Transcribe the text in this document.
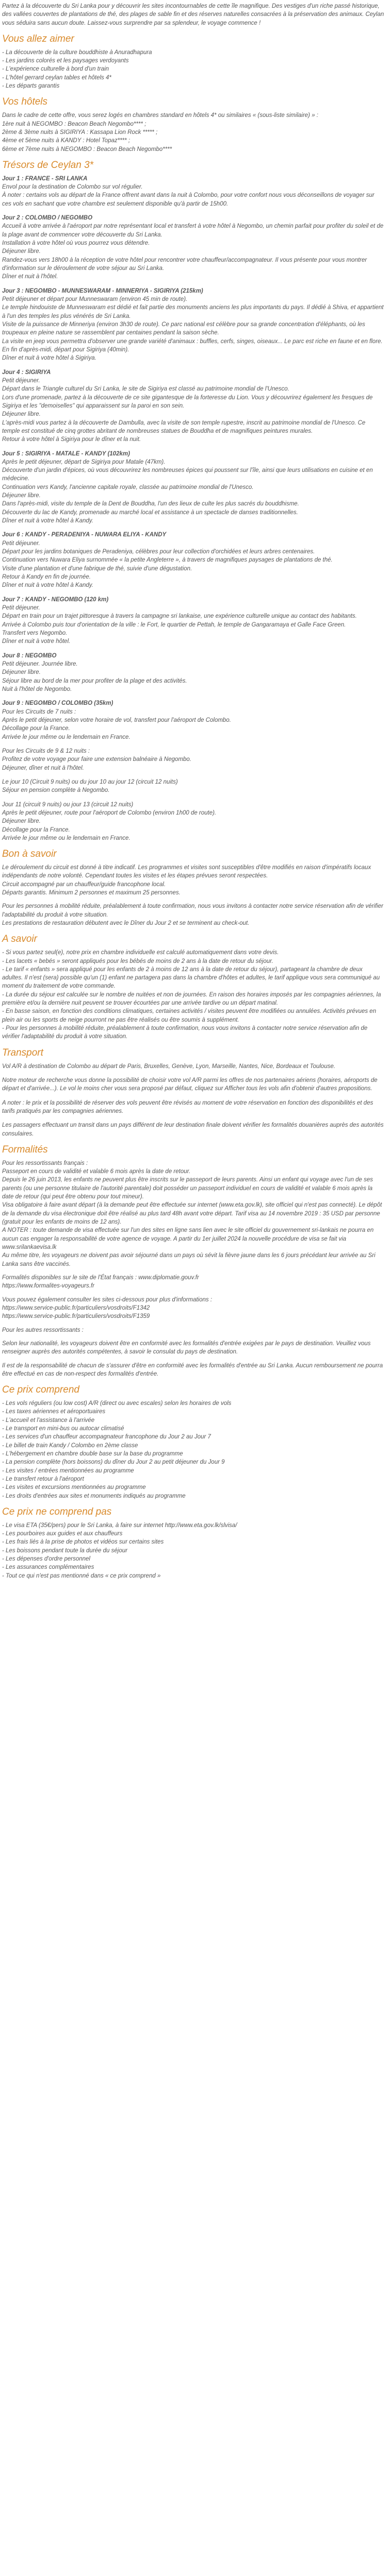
Partez à la découverte du Sri Lanka pour y découvrir les sites incontournables de cette île magnifique. Des vestiges d'un riche passé historique, des vallées couvertes de plantations de thé, des plages de sable fin et des réserves naturelles consacrées à la préservation des animaux. Ceylan vous séduira sans aucun doute. Laissez-vous surprendre par sa splendeur, le voyage commence !

Vous allez aimer

- La découverte de la culture bouddhiste à Anuradhapura

- Les jardins colorés et les paysages verdoyants

- L'expérience culturelle à bord d'un train

- L'hôtel gerrard ceylan tables et hôtels 4*

- Les départs garantis

Vos hôtels

Dans le cadre de cette offre, vous serez logés en chambres standard en hôtels 4* ou similaires « (sous-liste similaire) » :

1ère nuit à NEGOMBO : Beacon Beach Negombo**** ;

2ème & 3ème nuits à SIGIRIYA : Kassapa Lion Rock ***** ;

4ème et 5ème nuits à KANDY : Hotel Topaz**** ;

6ème et 7ème nuits à NEGOMBO : Beacon Beach Negombo****

Trésors de Ceylan 3*

Jour 1 : FRANCE - SRI LANKA

Envol pour la destination de Colombo sur vol régulier.

À noter : certains vols au départ de la France offrent avant dans la nuit à Colombo, pour votre confort nous vous déconseillons de voyager sur ces vols en sachant que votre chambre est seulement disponible qu'à partir de 15h00.

Jour 2 : COLOMBO / NEGOMBO

Accueil à votre arrivée à l'aéroport par notre représentant local et transfert à votre hôtel à Negombo, un chemin parfait pour profiter du soleil et de la plage avant de commencer votre découverte du Sri Lanka.

Installation à votre hôtel où vous pourrez vous détendre.

Déjeuner libre.

Randez-vous vers 18h00 à la réception de votre hôtel pour rencontrer votre chauffeur/accompagnateur. Il vous présente pour vous montrer d'information sur le déroulement de votre séjour au Sri Lanka.

Dîner et nuit à l'hôtel.

Jour 3 : NEGOMBO - MUNNESWARAM - MINNERIYA - SIGIRIYA (215km)

Petit déjeuner et départ pour Munneswaram (environ 45 min de route).

Le temple hindouiste de Munneswaram est dédié et fait partie des monuments anciens les plus importants du pays. Il dédié à Shiva, et appartient à l'un des temples les plus vénérés de Sri Lanka.

Visite de la puissance de Minneriya (environ 3h30 de route). Ce parc national est célèbre pour sa grande concentration d'éléphants, où les troupeaux en pleine nature se rassemblent par centaines pendant la saison sèche.

La visite en jeep vous permettra d'observer une grande variété d'animaux : buffles, cerfs, singes, oiseaux... Le parc est riche en faune et en flore.

En fin d'après-midi, départ pour Sigiriya (40min).

Dîner et nuit à votre hôtel à Sigiriya.

Jour 4 : SIGIRIYA

Petit déjeuner.

Départ dans le Triangle culturel du Sri Lanka, le site de Sigiriya est classé au patrimoine mondial de l'Unesco.

Lors d'une promenade, partez à la découverte de ce site gigantesque de la forteresse du Lion. Vous y découvrirez également les fresques de Sigiriya et les "demoiselles" qui apparaissent sur la paroi en son sein.

Déjeuner libre.

L'après-midi vous partez à la découverte de Dambulla, avec la visite de son temple rupestre, inscrit au patrimoine mondial de l'Unesco. Ce temple est constitué de cinq grottes abritant de nombreuses statues de Bouddha et de magnifiques peintures murales.

Retour à votre hôtel à Sigiriya pour le dîner et la nuit.

Jour 5 : SIGIRIYA - MATALE - KANDY (102km)

Après le petit déjeuner, départ de Sigiriya pour Matale (47km).

Découverte d'un jardin d'épices, où vous découvrirez les nombreuses épices qui poussent sur l'île, ainsi que leurs utilisations en cuisine et en médecine.

Continuation vers Kandy, l'ancienne capitale royale, classée au patrimoine mondial de l'Unesco.

Déjeuner libre.

Dans l'après-midi, visite du temple de la Dent de Bouddha, l'un des lieux de culte les plus sacrés du bouddhisme.

Découverte du lac de Kandy, promenade au marché local et assistance à un spectacle de danses traditionnelles.

Dîner et nuit à votre hôtel à Kandy.

Jour 6 : KANDY - PERADENIYA - NUWARA ELIYA - KANDY

Petit déjeuner.

Départ pour les jardins botaniques de Peradeniya, célèbres pour leur collection d'orchidées et leurs arbres centenaires.

Continuation vers Nuwara Eliya surnommée « la petite Angleterre », à travers de magnifiques paysages de plantations de thé.

Visite d'une plantation et d'une fabrique de thé, suivie d'une dégustation.

Retour à Kandy en fin de journée.

Dîner et nuit à votre hôtel à Kandy.

Jour 7 : KANDY - NEGOMBO (120 km)

Petit déjeuner.

Départ en train pour un trajet pittoresque à travers la campagne sri lankaise, une expérience culturelle unique au contact des habitants.

Arrivée à Colombo puis tour d'orientation de la ville : le Fort, le quartier de Pettah, le temple de Gangaramaya et Galle Face Green.

Transfert vers Negombo.

Dîner et nuit à votre hôtel.

Jour 8 : NEGOMBO

Petit déjeuner. Journée libre.

Déjeuner libre.

Séjour libre au bord de la mer pour profiter de la plage et des activités.

Nuit à l'hôtel de Negombo.

Jour 9 : NEGOMBO / COLOMBO (35km)

Pour les Circuits de 7 nuits :

Après le petit déjeuner, selon votre horaire de vol, transfert pour l'aéroport de Colombo.

Décollage pour la France.

Arrivée le jour même ou le lendemain en France.

Pour les Circuits de 9 & 12 nuits :

Profitez de votre voyage pour faire une extension balnéaire à Negombo.

Déjeuner, dîner et nuit à l'hôtel.

Le jour 10 (Circuit 9 nuits) ou du jour 10 au jour 12 (circuit 12 nuits)

Séjour en pension complète à Negombo.

Jour 11 (circuit 9 nuits) ou jour 13 (circuit 12 nuits)

Après le petit déjeuner, route pour l'aéroport de Colombo (environ 1h00 de route).

Déjeuner libre.

Décollage pour la France.

Arrivée le jour même ou le lendemain en France.

Bon à savoir

Le déroulement du circuit est donné à titre indicatif. Les programmes et visites sont susceptibles d'être modifiés en raison d'impératifs locaux indépendants de notre volonté. Cependant toutes les visites et les étapes prévues seront respectées.

Circuit accompagné par un chauffeur/guide francophone local.

Départs garantis. Minimum 2 personnes et maximum 25 personnes.

Pour les personnes à mobilité réduite, préalablement à toute confirmation, nous vous invitons à contacter notre service réservation afin de vérifier l'adaptabilité du produit à votre situation.

Les prestations de restauration débutent avec le Dîner du Jour 2 et se terminent au check-out.

A savoir

- Si vous partez seul(e), notre prix en chambre individuelle est calculé automatiquement dans votre devis.

- Les lacets « bebés » seront appliqués pour les bébés de moins de 2 ans à la date de retour du séjour.

- Le tarif « enfants » sera appliqué pour les enfants de 2 à moins de 12 ans à la date de retour du séjour), partageant la chambre de deux adultes. Il n'est (sera) possible qu'un (1) enfant ne partagera pas dans la chambre d'hôtes et adultes, le tarif applique vous sera communiqué au moment du traitement de votre commande.

- La durée du séjour est calculée sur le nombre de nuitées et non de journées. En raison des horaires imposés par les compagnies aériennes, la première et/ou la dernière nuit peuvent se trouver écourtées par une arrivée tardive ou un départ matinal.

- En basse saison, en fonction des conditions climatiques, certaines activités / visites peuvent être modifiées ou annulées. Activités prévues en plein air ou les sports de neige pourront ne pas être réalisés ou être soumis à supplément.

- Pour les personnes à mobilité réduite, préalablement à toute confirmation, nous vous invitons à contacter notre service réservation afin de vérifier l'adaptabilité du produit à votre situation.

Transport

Vol A/R à destination de Colombo au départ de Paris, Bruxelles, Genève, Lyon, Marseille, Nantes, Nice, Bordeaux et Toulouse.

Notre moteur de recherche vous donne la possibilité de choisir votre vol A/R parmi les offres de nos partenaires aériens (horaires, aéroports de départ et d'arrivée...). Le vol le moins cher vous sera proposé par défaut, cliquez sur Afficher tous les vols afin d'obtenir d'autres propositions.

A noter : le prix et la possibilité de réserver des vols peuvent être révisés au moment de votre réservation en fonction des disponibilités et des tarifs pratiqués par les compagnies aériennes.

Les passagers effectuant un transit dans un pays différent de leur destination finale doivent vérifier les formalités douanières auprès des autorités consulaires.

Formalités

Pour les ressortissants français :

Passeport en cours de validité et valable 6 mois après la date de retour.

Depuis le 26 juin 2013, les enfants ne peuvent plus être inscrits sur le passeport de leurs parents. Ainsi un enfant qui voyage avec l'un de ses parents (ou une personne titulaire de l'autorité parentale) doit posséder un passeport individuel en cours de validité et valable 6 mois après la date de retour (qui peut être obtenu pour tout mineur).

Visa obligatoire à faire avant départ (à la demande peut être effectuée sur internet (www.eta.gov.lk), site officiel qui n'est pas connecté). Le dépôt de la demande du visa électronique doit être réalisé au plus tard 48h avant votre départ. Tarif visa au 14 novembre 2019 : 35 USD par personne (gratuit pour les enfants de moins de 12 ans).

A NOTER : toute demande de visa effectuée sur l'un des sites en ligne sans lien avec le site officiel du gouvernement sri-lankais ne pourra en aucun cas engager la responsabilité de votre agence de voyage. A partir du 1er juillet 2024 la nouvelle procédure de visa se fait via www.srilankaevisa.lk

Au même titre, les voyageurs ne doivent pas avoir séjourné dans un pays où sévit la fièvre jaune dans les 6 jours précédant leur arrivée au Sri Lanka sans être vaccinés.

Formalités disponibles sur le site de l'État français : www.diplomatie.gouv.fr

https://www.formalites-voyageurs.fr

Vous pouvez également consulter les sites ci-dessous pour plus d'informations :

https://www.service-public.fr/particuliers/vosdroits/F1342

https://www.service-public.fr/particuliers/vosdroits/F1359

Pour les autres ressortissants :

Selon leur nationalité, les voyageurs doivent être en conformité avec les formalités d'entrée exigées par le pays de destination. Veuillez vous renseigner auprès des autorités compétentes, à savoir le consulat du pays de destination.

Il est de la responsabilité de chacun de s'assurer d'être en conformité avec les formalités d'entrée au Sri Lanka. Aucun remboursement ne pourra être effectué en cas de non-respect des formalités d'entrée.

Ce prix comprend

- Les vols réguliers (ou low cost) A/R (direct ou avec escales) selon les horaires de vols

- Les taxes aériennes et aéroportuaires

- L'accueil et l'assistance à l'arrivée

- Le transport en mini-bus ou autocar climatisé

- Les services d'un chauffeur accompagnateur francophone du Jour 2 au Jour 7

- Le billet de train Kandy / Colombo en 2ème classe

- L'hébergement en chambre double base sur la base du programme

- La pension complète (hors boissons) du dîner du Jour 2 au petit déjeuner du Jour 9

- Les visites / entrées mentionnées au programme

- Le transfert retour à l'aéroport

- Les visites et excursions mentionnées au programme

- Les droits d'entrées aux sites et monuments indiqués au programme

Ce prix ne comprend pas

- Le visa ETA (35€/pers) pour le Sri Lanka, à faire sur internet http://www.eta.gov.lk/slvisa/

- Les pourboires aux guides et aux chauffeurs

- Les frais liés à la prise de photos et vidéos sur certains sites

- Les boissons pendant toute la durée du séjour

- Les dépenses d'ordre personnel

- Les assurances complémentaires

- Tout ce qui n'est pas mentionné dans « ce prix comprend »
